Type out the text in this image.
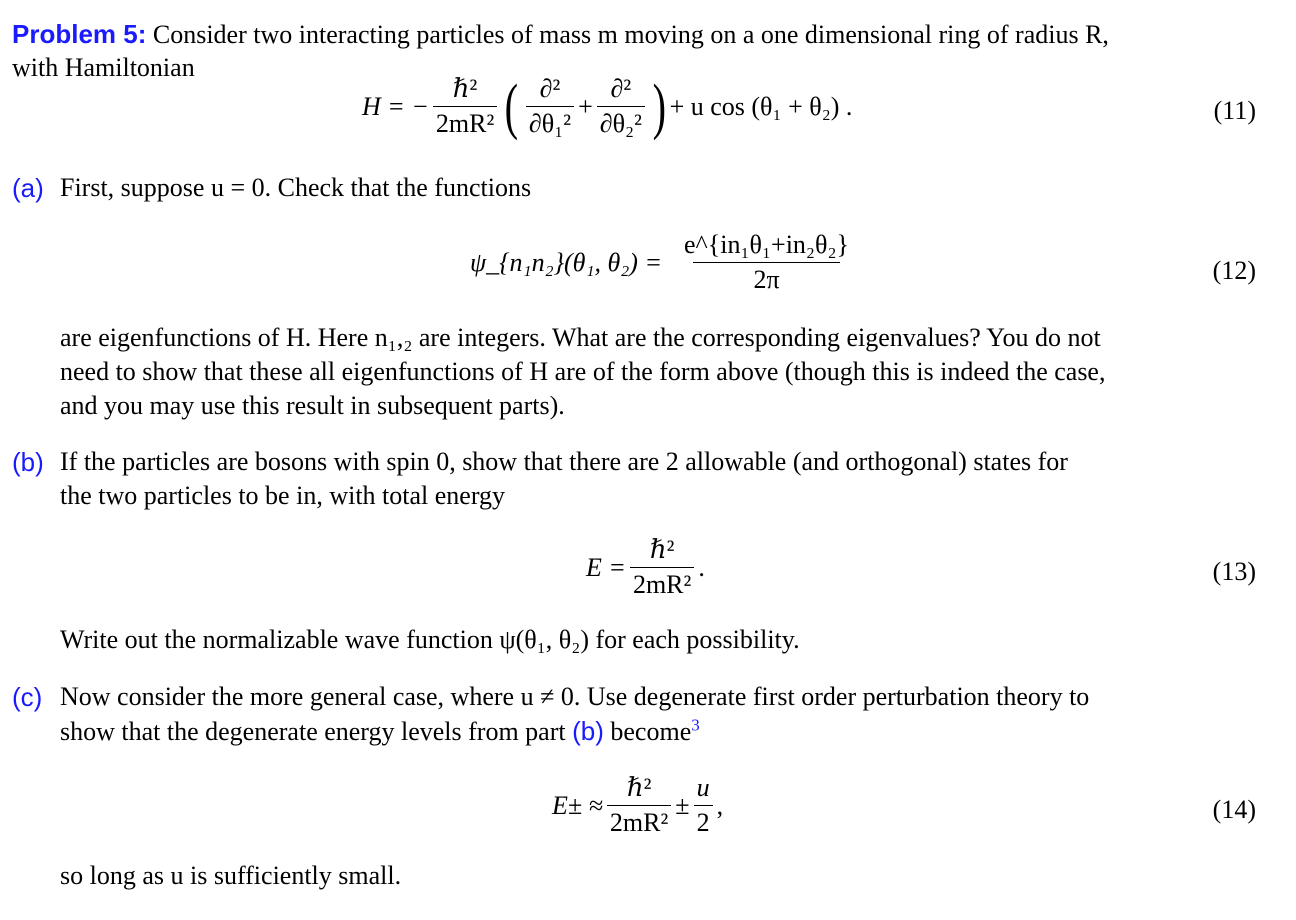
Problem 5: Consider two interacting particles of mass m moving on a one dimensional ring of radius R,
with Hamiltonian
H = − $\frac{\text{ℏ²}}{\text{2mR²}}$ ( $\frac{\text{∂²}}{\text{∂θ₁²}} + \frac{\text{∂²}}{\text{∂θ₂²}}$ ) + u cos (θ₁ + θ₂) .	(11)
(a) First, suppose u = 0. Check that the functions
ψ_{n₁n₂}(θ₁, $\theta_2) = \frac{\text{e\textasciicircum{}\{in₁θ₁+in₂θ₂\}}}{2\pi}$	(12)

are eigenfunctions of H. Here n₁,₂ are integers. What are the corresponding eigenvalues? You do not

need to show that these all eigenfunctions of H are of the form above (though this is indeed the case,

and you may use this result in subsequent parts).

(b) If the particles are bosons with spin 0, show that there are 2 allowable (and orthogonal) states for

the two particles to be in, with total energy

$E = \frac{\text{ℏ²}}{\text{2mR²}}$ .	(13)
Write out the normalizable wave function ψ(θ₁, θ₂) for each possibility.
(c) Now consider the more general case, where u ≠ 0. Use degenerate first order perturbation theory to

show that the degenerate energy levels from part (b) become$^3$

$E\pm \approx \frac{\text{ℏ²}}{\text{2mR²}} \pm \frac{u}{2}$ ,	(14)
so long as u is sufficiently small.
